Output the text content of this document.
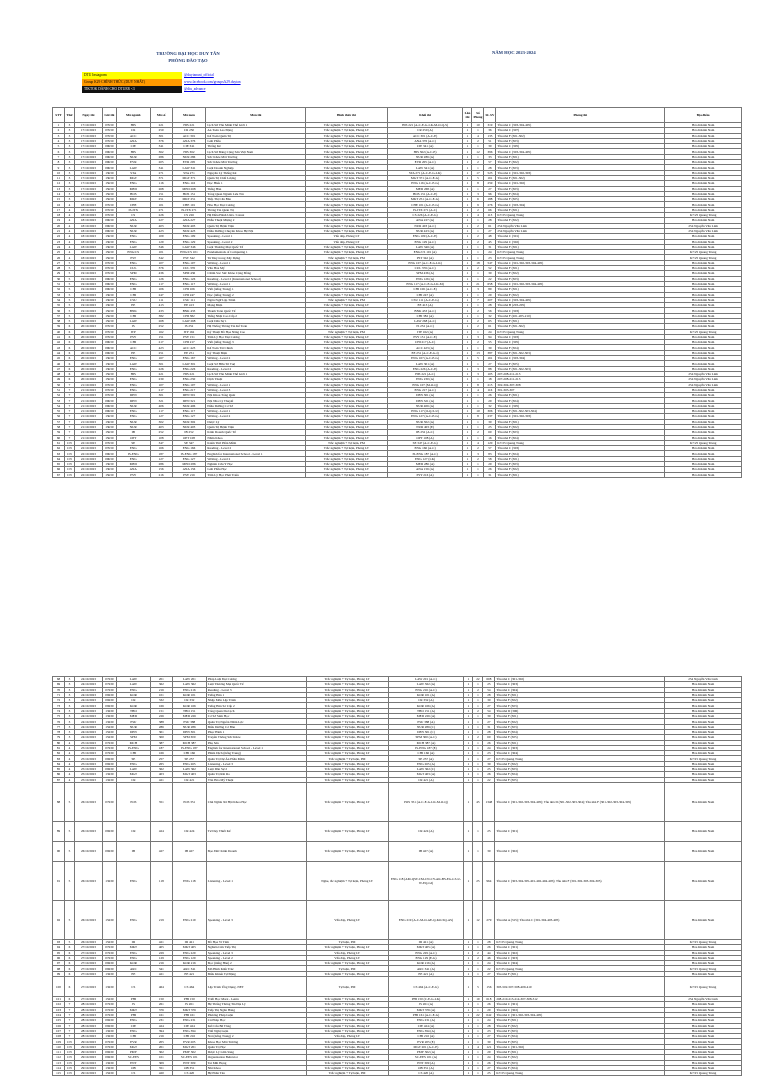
TRƯỜNG ĐẠI HỌC DUY TÂN
PHÒNG ĐÀO TẠO
NĂM HỌC 2023-2024
DTU Instagram	@duytanuni_official
Group K29 CHÍNH THỨC (DUY NHẤT)	www.facebook.com/groups/k29.duytan
TIKTOK DÀNH CHO DTUER <3	@dtu_advance
STT	Thứ	Ngày thi	Giờ thi	Mã ngành	Mã số	Mã môn	Môn thi	Hình thức thi	Khối thi	Lần thi	Số Phòng	SL SV	Phòng thi	Địa điểm
1	3	17/10/2023	07h30	HIS	221	HIS 221	Lịch Sử Văn Minh Thế Giới 1	Trắc nghiệm + Tự luận, Phòng LT	HIS 221 (A-C-E-G-I-K-M-O-Q-S)	1	10	319	Tầu nhà C (303-304-405)	Hòa Khánh Nam
2	3	17/10/2023	07h30	CR	250	CR 250	An Toàn Lao Động	Trắc nghiệm + Tự luận, Phòng LT	CR 250 (A)	1	1	36	Tầu nhà C (307)	Hòa Khánh Nam
3	3	17/10/2023	07h30	ACC	301	ACC 301	Kế Toán Quản Trị	Trắc nghiệm + Tự luận, Phòng LT	ACC 301 (A-C-E)	1	4	135	Tầu nhà F (301-302)	Hòa Khánh Nam
4	3	17/10/2023	07h30	ANA	376	ANA 376	Giải Phẫu	Trắc nghiệm + Tự luận, Phòng LT	ANA 376 (A-C)	1	2	51	Tầu nhà F (303)	Hòa Khánh Nam
5	3	17/10/2023	09h30	CIE	341	CIE 341	Thống Kê	Trắc nghiệm + Tự luận, Phòng LT	CIE 341 (A)	1	1	30	Tầu nhà C (305)	Hòa Khánh Nam
6	3	17/10/2023	09h30	HIS	362	HIS 362	Lịch Sử Đảng Cộng Sản Việt Nam	Trắc nghiệm + Tự luận, Phòng LT	HIS 362 (A-C-E)	1	12	396	Tầu nhà C (303-304-405)	Hòa Khánh Nam
7	3	17/10/2023	09h30	NUR	286	NUR 286	Sức Khỏe Môi Trường	Trắc nghiệm + Tự luận, Phòng LT	NUR 286 (A)	1	1	33	Tầu nhà F (301)	Hòa Khánh Nam
8	3	17/10/2023	09h30	EVR	205	EVR 205	Sức Khỏe Môi Trường	Trắc nghiệm + Tự luận, Phòng LT	EVR 205 (A-C)	1	2	57	Tầu nhà F (302)	Hòa Khánh Nam
9	3	17/10/2023	09h30	LAW	341	LAW 341	Luật Doanh Nghiệp	Trắc nghiệm + Tự luận, Phòng LT	LAW 341 (A)	1	1	28	Tầu nhà F (303)	Hòa Khánh Nam
10	3	17/10/2023	13h30	STA	271	STA 271	Nguyên Lý Thống Kê	Trắc nghiệm + Tự luận, Phòng LT	STA 271 (A-C-E-G-I-K)	1	17	523	Tầu nhà C (301-302-303)	Hòa Khánh Nam
11	3	17/10/2023	13h30	MGT	371	MGT 371	Quản Trị Chất Lượng	Trắc nghiệm + Tự luận, Phòng LT	MGT 371 (A-C-E-G)	1	5	161	Tầu nhà F (301-302)	Hòa Khánh Nam
12	3	17/10/2023	15h30	ENG	116	ENG 116	Đọc Hiểu 1	Trắc nghiệm + Tự luận, Phòng LT	ENG 116 (A-C-E-G)	1	8	259	Tầu nhà C (301-302)	Hòa Khánh Nam
13	3	17/10/2023	15h30	MED	268	MED 268	Tiếng Hàn	Trắc nghiệm + Tự luận, Phòng LT	MED 268 (A)	1	1	27	Tầu nhà F (303)	Hòa Khánh Nam
14	3	17/10/2023	15h30	HOS	151	HOS 151	Tổng Quan Ngành Lưu Trú	Trắc nghiệm + Tự luận, Phòng LT	HOS 151 (A-C-E)	1	3	96	Tầu nhà F (304)	Hòa Khánh Nam
15	3	17/10/2023	15h30	MKT	251	MKT 251	Tiếp Thị Căn Bản	Trắc nghiệm + Tự luận, Phòng LT	MKT 251 (A-C-E-G)	1	6	188	Tầu nhà F (305)	Hòa Khánh Nam
16	4	18/10/2023	07h30	CHE	101	CHE 101	Hóa Học Đại Cương	Trắc nghiệm + Tự luận, Phòng LT	CHE 101 (A-C-E-G)	1	9	276	Tầu nhà C (303-304)	Hòa Khánh Nam
17	4	18/10/2023	07h30	IS-ITX	271	IS-ITX 271	Thông Tin Quản Trị	Trắc nghiệm + Tự luận, Phòng LT	IS-ITX 271 (A-C)	1	2	66	Tầu nhà F (301)	Hòa Khánh Nam
18	4	18/10/2023	07h30	CS	226	CS 226	Hệ Điều Hành Unix / Linux	Trắc nghiệm + Tự luận, Phòng LT	CS 226 (A-C-E-G)	1	4	113	K7/25 Quang Trung	K7/25 Quang Trung
19	4	18/10/2023	09h30	ANA	227	ANA 227	Phẫu Thuật Miệng 2	Trắc nghiệm + Tự luận, Phòng LT	ANA 227 (A)	1	1	28	Tầu nhà F (302)	Hòa Khánh Nam
20	4	18/10/2023	09h30	NUR	403	NUR 403	Quản Trị Bệnh Viện	Trắc nghiệm + Tự luận, Phòng LT	NUR 403 (A-C)	1	2	61	254 Nguyễn Văn Linh	254 Nguyễn Văn Linh
21	4	18/10/2023	09h30	NUR	423	NUR 423	Điều Dưỡng Chuyên Khoa Hệ Nội	Trắc nghiệm + Tự luận, Phòng LT	NUR 423 (A)	1	1	27	254 Nguyễn Văn Linh	254 Nguyễn Văn Linh
22	4	18/10/2023	13h30	ENG	109	ENG 109	Speaking - Level 1	Vấn đáp, Phòng LT	ENG 109 (A-C-E)	1	2	48	Tầu nhà C (301)	Hòa Khánh Nam
23	4	18/10/2023	13h30	ENG	129	ENG 129	Speaking - Level 2	Vấn đáp, Phòng LT	ENG 129 (A-C)	1	2	45	Tầu nhà C (302)	Hòa Khánh Nam
24	4	18/10/2023	13h30	LAW	346	LAW 346	Luật Thương Mại Quốc Tế	Trắc nghiệm + Tự luận, Phòng LT	LAW 346 (A)	1	1	31	Tầu nhà F (301)	Hòa Khánh Nam
25	4	18/10/2023	15h30	ENG/CS	101	ENG/CS 101	Fundamentals of Computing 1	Trắc nghiệm + Tự luận, Phòng LT	ENG/CS 101 (A)	1	1	24	K7/25 Quang Trung	K7/25 Quang Trung
26	4	18/10/2023	15h30	PST	342	PST 342	Tư Duy trong Xây Dựng	Trắc nghiệm + Tự luận, PM	PST 342 (A)	1	1	23	K7/25 Quang Trung	K7/25 Quang Trung
27	5	19/10/2023	07h30	ENG	107	ENG 107	Writing - Level 1	Trắc nghiệm + Tự luận, Phòng LT	ENG 107 (A-C-E-G-I-K)	1	18	547	Tầu nhà C (301-302-303-304-405)	Hòa Khánh Nam
28	5	19/10/2023	07h30	CUL	376	CUL 376	Văn Hóa Mỹ	Trắc nghiệm + Tự luận, Phòng LT	CUL 376 (A-C)	1	2	52	Tầu nhà F (301)	Hòa Khánh Nam
29	5	19/10/2023	07h30	SPM	436	SPM 436	Chăm Sóc Sức Khỏe Cộng Đồng	Trắc nghiệm + Tự luận, Phòng LT	SPM 436 (A)	1	1	30	Tầu nhà F (302)	Hòa Khánh Nam
30	5	19/10/2023	09h30	ENG	126	ENG 126	Reading - Level 2 (International School)	Trắc nghiệm + Tự luận, Phòng LT	ENG 126 (A)	1	1	22	Tầu nhà F (303)	Hòa Khánh Nam
31	5	19/10/2023	09h30	ENG	117	ENG 117	Writing - Level 1	Trắc nghiệm + Tự luận, Phòng LT	ENG 117 (A-C-E-G-I-K-M)	1	21	658	Tầu nhà C (301-302-303-304-405)	Hòa Khánh Nam
32	5	19/10/2023	09h30	CHI	106	CHI 106	Viết (tiếng Trung) 1	Trắc nghiệm + Tự luận, Phòng LT	CHI 106 (A-C-E)	1	3	89	Tầu nhà F (301)	Hòa Khánh Nam
33	5	19/10/2023	13h30	CHI	247	CHI 247	Đọc (tiếng Trung) 2	Trắc nghiệm + Tự luận, Phòng LT	CHI 247 (A)	1	1	29	Tầu nhà F (302)	Hòa Khánh Nam
34	5	19/10/2023	13h30	CSU	111	CSU 111	Ngôn Ngữ Lập Trình	Trắc nghiệm + Tự luận, PM	CSU 111 (A-C-E-G)	1	7	207	Tầu nhà C (303-304-405)	Hòa Khánh Nam
35	5	19/10/2023	13h30	EE	413	EE 413	Mạng Điện	Trắc nghiệm + Tự luận, Phòng LT	EE 413 (A)	1	1	28	Tầu nhà B (203-205)	Hòa Khánh Nam
36	5	19/10/2023	15h30	BNK	433	BNK 433	Thanh Toán Quốc Tế	Trắc nghiệm + Tự luận, Phòng LT	BNK 433 (A-C)	1	2	56	Tầu nhà C (303)	Hòa Khánh Nam
37	5	19/10/2023	15h30	CHI	382	CHI 382	Tiếng Nhật Cao Cấp 2	Trắc nghiệm + Tự luận, Phòng LT	CHI 382 (A)	1	1	32	Tầu nhà F (201-205-210)	Hòa Khánh Nam
38	5	19/10/2023	15h30	LAW	268	LAW 268	Luật Dân Sự 1	Trắc nghiệm + Tự luận, Phòng LT	LAW 268 (A-C)	1	2	65	Tầu nhà F (301)	Hòa Khánh Nam
39	6	20/10/2023	07h30	IS	252	IS 252	Hệ Thống Thông Tin Kế Toán	Trắc nghiệm + Tự luận, Phòng LT	IS 252 (A-C)	1	2	61	Tầu nhà F (301-302)	Hòa Khánh Nam
40	6	20/10/2023	07h30	ITP	162	ITP 162	Kỹ Thuật Đồ Họa Nâng Cao	Trắc nghiệm + Tự luận, PM	ITP 162 (A)	1	1	24	K7/25 Quang Trung	K7/25 Quang Trung
41	6	20/10/2023	07h30	PSY	151	PSY 151	Tâm Lý Học Đại Cương	Trắc nghiệm + Tự luận, Phòng LT	PSY 151 (A-C-E)	1	3	94	Tầu nhà C (303)	Hòa Khánh Nam
42	6	20/10/2023	09h30	CHI	217	CHI 217	Viết (tiếng Trung) 3	Trắc nghiệm + Tự luận, Phòng LT	CHI 217 (A-C)	1	2	55	Tầu nhà C (305)	Hòa Khánh Nam
43	6	20/10/2023	09h30	ACC	423	ACC 423	Kế Toán Tài Chính	Trắc nghiệm + Tự luận, Phòng LT	ACC 423 (A)	1	1	30	Tầu nhà F (304)	Hòa Khánh Nam
44	6	20/10/2023	09h30	EE	251	EE 251	Kỹ Thuật Điện	Trắc nghiệm + Tự luận, Phòng LT	EE 251 (A-C-E-G-I)	1	13	387	Tầu nhà F (301-302-303)	Hòa Khánh Nam
45	6	20/10/2023	13h30	ENG	167	ENG 167	Writing - Level 2	Trắc nghiệm + Tự luận, Phòng LT	ENG 167 (A-C-E-G)	1	5	161	Tầu nhà C (303-304)	Hòa Khánh Nam
46	6	20/10/2023	13h30	LAW	301	LAW 301	Luật Sở Hữu Trí Tuệ	Trắc nghiệm + Tự luận, Phòng LT	LAW 301 (A)	1	1	27	Tầu nhà F (305)	Hòa Khánh Nam
47	6	20/10/2023	13h30	ENG	226	ENG 226	Reading - Level 2	Trắc nghiệm + Tự luận, Phòng LT	ENG 226 (A-C-E)	1	3	88	Tầu nhà F (301-302-303)	Hòa Khánh Nam
48	6	20/10/2023	15h30	HIS	221	HIS 221	Lịch Sử Văn Minh Thế Giới 1	Trắc nghiệm + Tự luận, Phòng LT	HIS 221 (A-C)	1	3	105	207-208-211-213	254 Nguyễn Văn Linh
49	6	20/10/2023	15h30	ENG	230	ENG 230	Dịch Thuật	Trắc nghiệm + Tự luận, Phòng LT	ENG 230 (A)	1	1	18	207-208-211-213	254 Nguyễn Văn Linh
50	7	21/10/2023	07h30	ENG	107	ENG 107	Writing - Level 1	Trắc nghiệm + Tự luận, Phòng LT	ENG 107 (M-O-Q)	1	8	215	302-304-307-308	254 Nguyễn Văn Linh
51	7	21/10/2023	07h30	ENG	217	ENG 217	Writing - Level 3	Trắc nghiệm + Tự luận, Phòng LT	ENG 217 (A-C)	1	4	116	301-303-307	Hòa Khánh Nam
52	7	21/10/2023	07h30	DEN	301	DEN 301	Nội Khoa Tổng Quát	Trắc nghiệm + Tự luận, Phòng LT	DEN 301 (A)	1	1	26	Tầu nhà F (301)	Hòa Khánh Nam
53	7	21/10/2023	09h30	DEN	321	DEN 321	Nội Nha Lý Thuyết	Trắc nghiệm + Tự luận, Phòng LT	DEN 321 (A)	1	1	29	Tầu nhà F (304)	Hòa Khánh Nam
54	7	21/10/2023	09h30	NUR	406	NUR 406	Điều Dưỡng Cơ Sở	Trắc nghiệm + Tự luận, Phòng LT	NUR 406 (A)	1	1	32	Tầu nhà C (305)	Hòa Khánh Nam
55	7	21/10/2023	09h30	ENG	117	ENG 117	Writing - Level 1	Trắc nghiệm + Tự luận, Phòng LT	ENG 117 (O-Q-S-U)	1	10	306	Tầu nhà F (301-302-303-304)	Hòa Khánh Nam
56	7	21/10/2023	13h30	ENG	127	ENG 127	Writing - Level 2	Trắc nghiệm + Tự luận, Phòng LT	ENG 127 (A-C-E-G)	1	8	237	Tầu nhà C (301-302-303)	Hòa Khánh Nam
57	7	21/10/2023	13h30	NUR	302	NUR 302	Dược Lý	Trắc nghiệm + Tự luận, Phòng LT	NUR 302 (A)	1	1	30	Tầu nhà F (301)	Hòa Khánh Nam
58	7	21/10/2023	13h30	NUR	403	NUR 403	Quản Trị Bệnh Viện	Trắc nghiệm + Tự luận, Phòng LT	NUR 403 (E)	1	1	25	Tầu nhà F (302)	Hòa Khánh Nam
59	7	21/10/2023	15h30	IB	252	IB 252	Kinh Doanh Quốc Tế	Trắc nghiệm + Tự luận, Phòng LT	IB 252 (A-C)	1	2	60	Tầu nhà F (303)	Hòa Khánh Nam
60	7	21/10/2023	15h30	OPT	108	OPT 108	Nhãn Khoa	Trắc nghiệm + Tự luận, Phòng LT	OPT 108 (A)	1	1	16	Tầu nhà F (304)	Hòa Khánh Nam
61	CN	22/10/2023	07h30	SE	347	SE 347	Kiểm Thử Phần Mềm	Trắc nghiệm + Tự luận, PM	SE 347 (A-C-E-G)	1	4	120	K7/25 Quang Trung	K7/25 Quang Trung
62	CN	22/10/2023	07h30	ENG	166	ENG 166	Reading - Level 2	Trắc nghiệm + Tự luận, Phòng LT	ENG 166 (A-C)	1	2	57	Tầu nhà C (303)	Hòa Khánh Nam
63	CN	22/10/2023	09h30	IS-ENG	187	IS-ENG 187	English for International School - Level 1	Trắc nghiệm + Tự luận, Phòng LT	IS-ENG 187 (A-C)	1	3	83	Tầu nhà F (304)	Hòa Khánh Nam
64	CN	22/10/2023	09h30	ENG	127	ENG 127	Writing - Level 2	Trắc nghiệm + Tự luận, Phòng LT	ENG 127 (I-K)	1	2	58	Tầu nhà F (301)	Hòa Khánh Nam
65	CN	22/10/2023	13h30	MED	286	MED 286	Nghiên Cứu Y Học	Trắc nghiệm + Tự luận, Phòng LT	MED 286 (A)	1	1	29	Tầu nhà F (303)	Hòa Khánh Nam
66	CN	22/10/2023	13h30	ANA	156	ANA 156	Giải Phẫu Học	Trắc nghiệm + Tự luận, Phòng LT	ANA 156 (A)	1	1	26	Tầu nhà F (302)	Hòa Khánh Nam
67	CN	22/10/2023	15h30	PSY	216	PSY 216	Tâm Lý Học Phát Triển	Trắc nghiệm + Tự luận, Phòng LT	PSY 216 (A)	1	1	31	Tầu nhà F (301)	Hòa Khánh Nam
68	3	24/10/2023	07h30	LAW	201	LAW 201	Pháp Luật Đại Cương	Trắc nghiệm + Tự luận, Phòng LT	LAW 201 (A-C)	1	22	608	Tầu nhà C (301-302)	254 Nguyễn Văn Linh
69	3	24/10/2023	07h30	LAW	362	LAW 362	Luật Thương Mại Quốc Tế	Trắc nghiệm + Tự luận, Phòng LT	LAW 362 (A)	1	1	25	Tầu nhà C (303)	Hòa Khánh Nam
70	3	24/10/2023	07h30	ENG	216	ENG 216	Reading - Level 3	Trắc nghiệm + Tự luận, Phòng LT	ENG 216 (A-C)	1	2	54	Tầu nhà C (304)	Hòa Khánh Nam
71	3	24/10/2023	09h30	KOR	101	KOR 101	Tiếng Hàn 1	Trắc nghiệm + Tự luận, Phòng LT	KOR 101 (A)	1	1	28	Tầu nhà F (301)	Hòa Khánh Nam
72	3	24/10/2023	09h30	CR	332	CR 332	Nhập Môn Lập Trình	Trắc nghiệm + Tự luận, Phòng LT	CR 332 (A)	1	1	30	Tầu nhà F (302)	Hòa Khánh Nam
73	3	24/10/2023	09h30	KOR	166	KOR 166	Tiếng Hàn Sơ Cấp 2	Trắc nghiệm + Tự luận, Phòng LT	KOR 166 (A)	1	1	27	Tầu nhà F (303)	Hòa Khánh Nam
74	3	24/10/2023	13h30	THO	151	THO 151	Tổng Quan Du Lịch	Trắc nghiệm + Tự luận, Phòng LT	THO 151 (A)	1	2	54	Tầu nhà D (306)	Hòa Khánh Nam
75	3	24/10/2023	13h30	MED	226	MED 226	Cơ Sở Sinh Học	Trắc nghiệm + Tự luận, Phòng LT	MED 226 (A)	1	1	30	Tầu nhà F (301)	Hòa Khánh Nam
76	3	24/10/2023	13h30	PSU	388	PSU 388	Quản Trị Nguồn Nhân Lực	Trắc nghiệm + Tự luận, Phòng LT	PSU 388 (A)	1	1	27	Tầu nhà F (302)	Hòa Khánh Nam
77	3	24/10/2023	15h30	NUR	286	NUR 286	Điều Dưỡng Cơ Bản	Trắc nghiệm + Tự luận, Phòng LT	NUR 286 (C)	1	1	31	Tầu nhà F (303)	Hòa Khánh Nam
78	3	24/10/2023	15h30	DEN	301	DEN 301	Phục Hình 1	Trắc nghiệm + Tự luận, Phòng LT	DEN 301 (C)	1	1	28	Tầu nhà F (304)	Hòa Khánh Nam
79	3	24/10/2023	15h30	SPM	300	SPM 300	Truyền Thông Sức Khỏe	Trắc nghiệm + Tự luận, Phòng LT	SPM 300 (A-C)	1	2	60	Tầu nhà F (305)	Hòa Khánh Nam
80	4	25/10/2023	07h30	MCH	387	MCH 387	Phụ Sản	Trắc nghiệm + Tự luận, Phòng LT	MCH 387 (A)	1	1	26	Tầu nhà F (301)	Hòa Khánh Nam
81	4	25/10/2023	07h30	IS-ENG	187	IS-ENG 187	English for International School - Level 1	Trắc nghiệm + Tự luận, Phòng LT	IS-ENG 187 (E)	1	1	24	Tầu nhà C (303)	Hòa Khánh Nam
82	4	25/10/2023	07h30	CHI	166	CHI 166	Phiên Dịch (tiếng Trung)	Trắc nghiệm + Tự luận, Phòng LT	CHI 166 (A)	1	1	23	Tầu nhà C (304)	Hòa Khánh Nam
83	4	25/10/2023	09h30	SE	257	SE 257	Quản Trị Dự Án Phần Mềm	Trắc nghiệm + Tự luận, PM	SE 257 (A)	1	1	27	K7/25 Quang Trung	K7/25 Quang Trung
84	4	25/10/2023	09h30	ENG	265	ENG 265	Listening - Level 3	Trắc nghiệm + Tự luận, Phòng LT	ENG 265 (A)	1	1	30	Tầu nhà F (302)	Hòa Khánh Nam
85	4	25/10/2023	09h30	LAW	362	LAW 362	Luật Dân Sự 2	Trắc nghiệm + Tự luận, Phòng LT	LAW 362 (C)	1	1	25	Tầu nhà F (303)	Hòa Khánh Nam
86	4	25/10/2023	13h30	MGT	403	MGT 403	Quản Trị Rủi Ro	Trắc nghiệm + Tự luận, Phòng LT	MGT 403 (A)	1	1	26	Tầu nhà F (304)	Hòa Khánh Nam
87	4	25/10/2023	13h30	CR	421	CR 421	Văn Hóa Mỹ Thuật	Trắc nghiệm + Tự luận, Phòng LT	CR 421 (A)	1	1	22	Tầu nhà F (305)	Hòa Khánh Nam
88	5	26/10/2023	07h30	POS	351	POS 351	Chủ Nghĩa Xã Hội Khoa Học	Trắc nghiệm + Tự luận, Phòng LT	POS 351 (A-C-E-G-I-K-M-O-Q)	1	45	1348	Tầu nhà C (301-302-303-304-405); Tầu nhà D (301-302-303-304); Tầu nhà F (301-302-303-304-305)	Hòa Khánh Nam
89	5	26/10/2023	09h30	CR	424	CR 424	Tư Duy Thiết Kế	Trắc nghiệm + Tự luận, Phòng LT	CR 424 (A)	1	1	25	Tầu nhà C (301)	Hòa Khánh Nam
90	5	26/10/2023	09h30	IB	427	IB 427	Đạo Đức Kinh Doanh	Trắc nghiệm + Tự luận, Phòng LT	IB 427 (A)	1	1	30	Tầu nhà C (302)	Hòa Khánh Nam
91	5	26/10/2023	13h30	ENG	118	ENG 118	Listening - Level 1	Nghe, tắc nghiệm + Tự luận, Phòng LT	ENG 118 (AM-QST-CM-CN-CY-AK-BS-EG-I-S-U-W-EQ-GI)	1	25	964	Tầu nhà C (303-304-305-401-402-404-405); Tầu nhà F (301-302-303-304-305)	Hòa Khánh Nam
92	5	26/10/2023	15h30	ENG	219	ENG 219	Speaking - Level 3	Vấn đáp, Phòng LT	ENG 219 (A-C-M-O-AE-Q-KO-SQ-AS)	1	12	279	Tầu nhà A (315); Tầu nhà C (301-304-403-405)	Hòa Khánh Nam
93	5	26/10/2023	15h30	ID	421	ID 421	Đồ Họa Vi Tính	Tự luận, PM	ID 421 (A)	1	1	28	K7/25 Quang Trung	K7/25 Quang Trung
94	6	27/10/2023	07h30	MKT	405	MKT 405	Nghiên Cứu Tiếp Thị	Trắc nghiệm + Tự luận, Phòng LT	MKT 405 (A)	1	1	26	Tầu nhà C (301)	Hòa Khánh Nam
95	6	27/10/2023	07h30	ENG	229	ENG 229	Speaking - Level 3	Vấn đáp, Phòng LT	ENG 229 (A-C)	1	2	44	Tầu nhà C (302)	Hòa Khánh Nam
96	6	27/10/2023	07h30	ENG	129	ENG 129	Speaking - Level 2	Vấn đáp, Phòng LT	ENG 129 (E-G)	1	2	46	Tầu nhà C (303)	Hòa Khánh Nam
97	6	27/10/2023	09h30	KOR	216	KOR 216	Đọc (tiếng Hàn) 2	Trắc nghiệm + Tự luận, Phòng LT	KOR 216 (A)	1	1	24	Tầu nhà C (304)	Hòa Khánh Nam
98	6	27/10/2023	09h30	ARC	341	ARC 341	Mô Hình Kiến Trúc	Tự luận, PM	ARC 341 (A)	1	1	22	K7/25 Quang Trung	K7/25 Quang Trung
99	6	27/10/2023	13h30	EE	421	EE 421	Điều Khiển Tự Động	Trắc nghiệm + Tự luận, Phòng LT	EE 421 (A)	1	1	27	Tầu nhà F (301)	Hòa Khánh Nam
100	6	27/10/2023	13h30	CS	464	CS 464	Lập Trình Ứng Dụng .NET	Tự luận, PM	CS 464 (A-C-E-G)	1	5	156	303-502-507-508-409-410	K7/25 Quang Trung
101	6	27/10/2023	15h30	PHI	150	PHI 150	Triết Học Marx - Lenin	Trắc nghiệm + Tự luận, Phòng LT	PHI 150 (C-E-G-I-K)	1	19	618	208-210-213-214-307-308-312	254 Nguyễn Văn Linh
102	7	28/10/2023	07h30	JS	261	JS 261	Hệ Thống Thông Tin Địa Lý	Trắc nghiệm + Tự luận, Phòng LT	JS 261 (A)	1	1	26	Tầu nhà C (301)	Hòa Khánh Nam
103	7	28/10/2023	07h30	MKT	376	MKT 376	Tiếp Thị Ngân Hàng	Trắc nghiệm + Tự luận, Phòng LT	MKT 376 (A)	1	1	29	Tầu nhà C (302)	Hòa Khánh Nam
104	7	28/10/2023	07h30	PHI	161	PHI 161	Phương Pháp Luận	Trắc nghiệm + Tự luận, Phòng LT	PHI 161 (A-C-E-G)	1	22	642	Tầu nhà C (301-302-303-304-405)	Hòa Khánh Nam
105	7	28/10/2023	09h30	ENG	231	ENG 231	Cú Pháp Học	Trắc nghiệm + Tự luận, Phòng LT	ENG 231 (A)	1	1	24	Tầu nhà F (301)	Hòa Khánh Nam
106	7	28/10/2023	09h30	CIE	424	CIE 424	Kết Cấu Bê Tông	Trắc nghiệm + Tự luận, Phòng LT	CIE 424 (A)	1	1	28	Tầu nhà F (302)	Hòa Khánh Nam
107	7	28/10/2023	13h30	ENG	394	ENG 394	Viết Nghị Luận	Trắc nghiệm + Tự luận, Phòng LT	ENG 394 (A)	1	1	23	Tầu nhà F (303)	Hòa Khánh Nam
108	7	28/10/2023	13h30	CHI	216	CHI 216	Nói (tiếng Trung) 2	Vấn đáp, Phòng LT	CHI 216 (A)	1	1	27	Tầu nhà F (304)	Hòa Khánh Nam
109	CN	29/10/2023	07h30	EVR	205	EVR 205	Khoa Học Môi Trường	Trắc nghiệm + Tự luận, Phòng LT	EVR 205 (E)	1	1	30	Tầu nhà F (305)	Hòa Khánh Nam
110	CN	29/10/2023	07h30	MGT	201	MGT 201	Quản Trị Học	Trắc nghiệm + Tự luận, Phòng LT	MGT 201 (A-C-E)	1	4	121	Tầu nhà C (301-302)	Hòa Khánh Nam
111	CN	29/10/2023	09h30	PMY	302	PMY 302	Dược Lý Lâm Sàng	Trắc nghiệm + Tự luận, Phòng LT	PMY 302 (A)	1	1	29	Tầu nhà F (301)	Hòa Khánh Nam
112	CN	29/10/2023	09h30	SC-EES	101	SC-EES 101	Organization Behavior	Trắc nghiệm + Tự luận, Phòng LT	SC-EES 101 (A)	1	1	24	Tầu nhà F (302)	Hòa Khánh Nam
113	CN	29/10/2023	13h30	ENT	309	ENT 309	Tai Mũi Họng	Trắc nghiệm + Tự luận, Phòng LT	ENT 309 (A)	1	1	26	Tầu nhà F (303)	Hòa Khánh Nam
114	CN	29/10/2023	13h30	OB	351	OB 351	Nhi Khoa	Trắc nghiệm + Tự luận, Phòng LT	OB 351 (A)	1	1	27	Tầu nhà F (304)	Hòa Khánh Nam
115	CN	29/10/2023	15h30	CS	420	CS 420	Hệ Phân Tán	Trắc nghiệm + Tự luận, PM	CS 420 (A)	1	1	25	K7/25 Quang Trung	K7/25 Quang Trung
